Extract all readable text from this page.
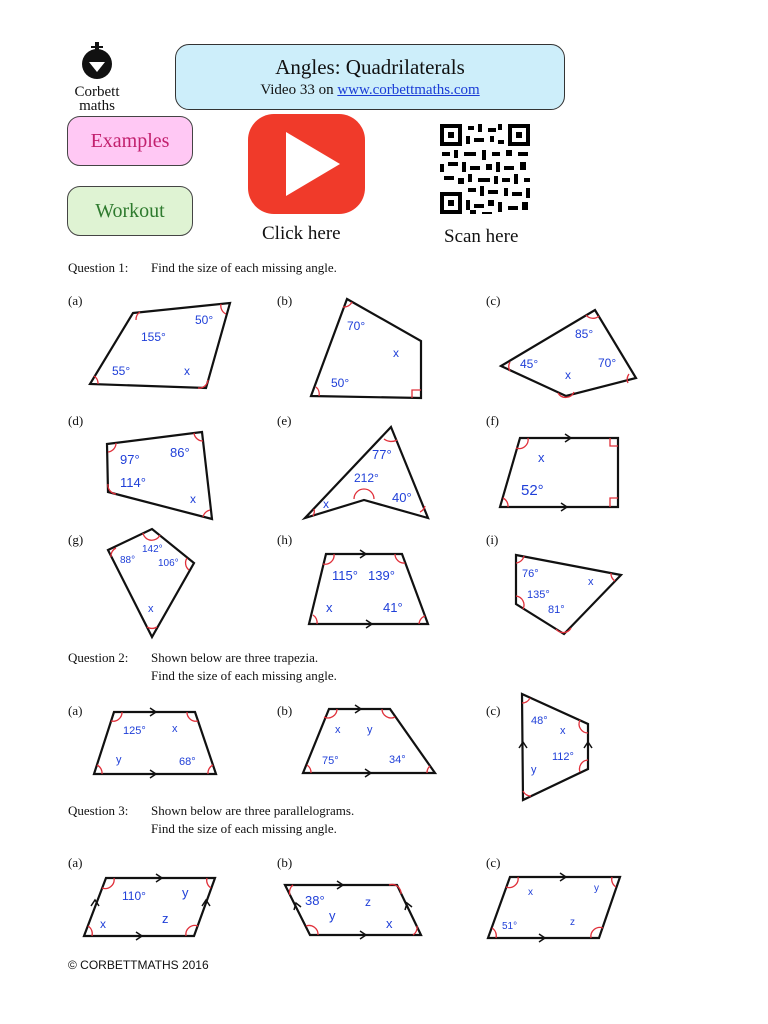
Corbett
maths
Angles: Quadrilaterals
Video 33 on www.corbettmaths.com
Examples
Workout
Click here	Scan here
Question 1: Find the size of each missing angle.
(a)	(b)	(c)
(d)	(e)	(f)
(g)	(h)	(i)
155°
50°
55°	x
70°
x
50°
85°
45°	70°
x
97° 86°
114°
x
77°
212°
x	40°
x
52°
142°
88° 106°
x
115° 139°
x	41°
76°
x
135°
81°
Question 2: Shown below are three trapezia.
Find the size of each missing angle.
(a)	(b)	(c)
125° x
y	68°
x y
75°	34°
48°
x
112°
y
Question 3: Shown below are three parallelograms.
Find the size of each missing angle.
(a)	(b)	(c)
110°	y
x	z
38°	z
y
x
x	y
51°	z
© CORBETTMATHS 2016
